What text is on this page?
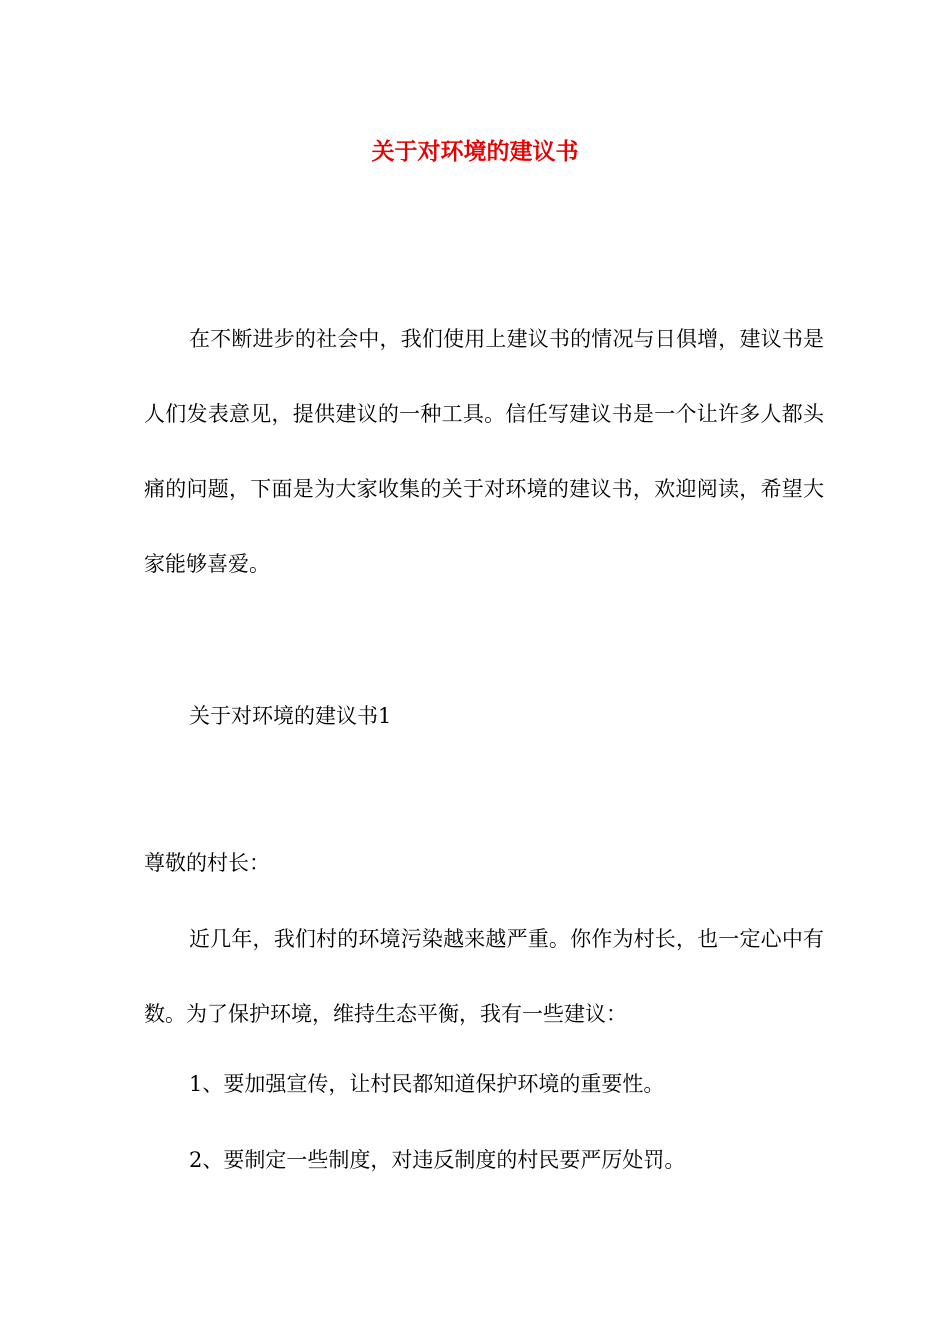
关于对环境的建议书

在不断进步的社会中，我们使用上建议书的情况与日俱增，建议书是人们发表意见，提供建议的一种工具。信任写建议书是一个让许多人都头痛的问题，下面是为大家收集的关于对环境的建议书，欢迎阅读，希望大家能够喜爱。

关于对环境的建议书1

尊敬的村长：

近几年，我们村的环境污染越来越严重。你作为村长，也一定心中有数。为了保护环境，维持生态平衡，我有一些建议：

1、要加强宣传，让村民都知道保护环境的重要性。

2、要制定一些制度，对违反制度的村民要严厉处罚。
